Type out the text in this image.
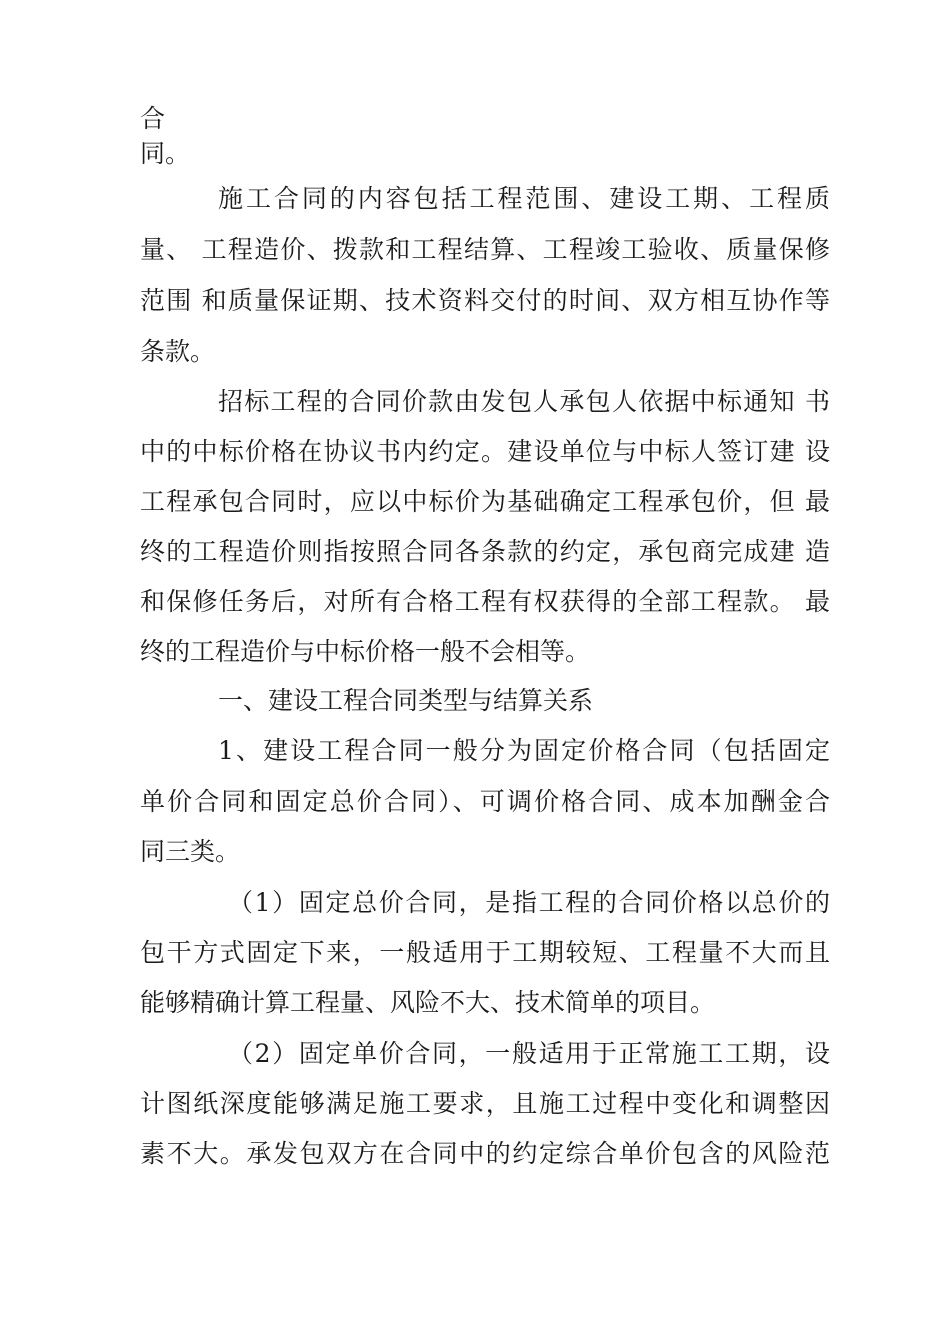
合
同。
施工合同的内容包括工程范围、建设工期、工程质
量、 工程造价、拨款和工程结算、工程竣工验收、质量保修
范围 和质量保证期、技术资料交付的时间、双方相互协作等
条款。
招标工程的合同价款由发包人承包人依据中标通知 书
中的中标价格在协议书内约定。建设单位与中标人签订建 设
工程承包合同时，应以中标价为基础确定工程承包价，但 最
终的工程造价则指按照合同各条款的约定，承包商完成建 造
和保修任务后，对所有合格工程有权获得的全部工程款。 最
终的工程造价与中标价格一般不会相等。
一、建设工程合同类型与结算关系
1、建设工程合同一般分为固定价格合同（包括固定
单价合同和固定总价合同）、可调价格合同、成本加酬金合
同三类。
（1）固定总价合同，是指工程的合同价格以总价的
包干方式固定下来，一般适用于工期较短、工程量不大而且
能够精确计算工程量、风险不大、技术简单的项目。
（2）固定单价合同，一般适用于正常施工工期，设
计图纸深度能够满足施工要求，且施工过程中变化和调整因
素不大。承发包双方在合同中的约定综合单价包含的风险范
